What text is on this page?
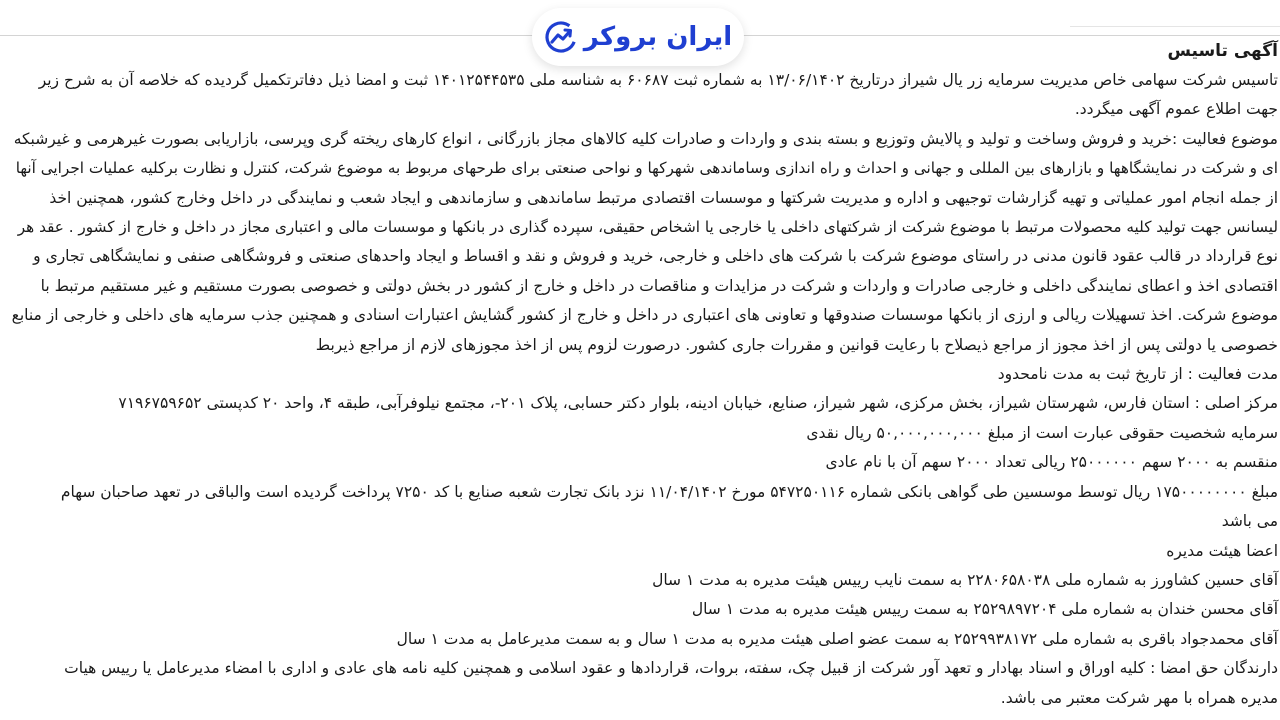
ایران بروکر	آگهی تاسیس

تاسیس شرکت سهامی خاص مدیریت سرمایه زر یال شیراز درتاریخ ۱۳/۰۶/۱۴۰۲ به شماره ثبت ۶۰۶۸۷ به شناسه ملی ۱۴۰۱۲۵۴۴۵۳۵ ثبت و امضا ذیل دفاترتکمیل گردیده که خلاصه آن به شرح زیر

جهت اطلاع عموم آگهی میگردد.

موضوع فعالیت :خرید و فروش وساخت و تولید و پالایش وتوزیع و بسته بندی و واردات و صادرات کلیه کالاهای مجاز بازرگانی ، انواع کارهای ریخته گری وپرسی، بازاریابی بصورت غیرهرمی و غیرشبکه

ای و شرکت در نمایشگاهها و بازارهای بین المللی و جهانی و احداث و راه اندازی وساماندهی شهرکها و نواحی صنعتی برای طرحهای مربوط به موضوع شرکت، کنترل و نظارت برکلیه عملیات اجرایی آنها

از جمله انجام امور عملیاتی و تهیه گزارشات توجیهی و اداره و مدیریت شرکتها و موسسات اقتصادی مرتبط ساماندهی و سازماندهی و ایجاد شعب و نمایندگی در داخل وخارج کشور، همچنین اخذ

لیسانس جهت تولید کلیه محصولات مرتبط با موضوع شرکت از شرکتهای داخلی یا خارجی یا اشخاص حقیقی، سپرده گذاری در بانکها و موسسات مالی و اعتباری مجاز در داخل و خارج از کشور . عقد هر

نوع قرارداد در قالب عقود قانون مدنی در راستای موضوع شرکت با شرکت های داخلی و خارجی، خرید و فروش و نقد و اقساط و ایجاد واحدهای صنعتی و فروشگاهی صنفی و نمایشگاهی تجاری و

اقتصادی اخذ و اعطای نمایندگی داخلی و خارجی صادرات و واردات و شرکت در مزایدات و مناقصات در داخل و خارج از کشور در بخش دولتی و خصوصی بصورت مستقیم و غیر مستقیم مرتبط با

موضوع شرکت. اخذ تسهیلات ریالی و ارزی از بانکها موسسات صندوقها و تعاونی های اعتباری در داخل و خارج از کشور گشایش اعتبارات اسنادی و همچنین جذب سرمایه های داخلی و خارجی از منابع

خصوصی یا دولتی پس از اخذ مجوز از مراجع ذیصلاح با رعایت قوانین و مقررات جاری کشور. درصورت لزوم پس از اخذ مجوزهای لازم از مراجع ذیربط

مدت فعالیت : از تاریخ ثبت به مدت نامحدود

مرکز اصلی : استان فارس، شهرستان شیراز، بخش مرکزی، شهر شیراز، صنایع، خیابان ادینه، بلوار دکتر حسابی، پلاک ۲۰۱-، مجتمع نیلوفرآبی، طبقه ۴، واحد ۲۰ کدپستی ۷۱۹۶۷۵۹۶۵۲

سرمایه شخصیت حقوقی عبارت است از مبلغ ۵۰,۰۰۰,۰۰۰,۰۰۰ ریال نقدی

منقسم به ۲۰۰۰ سهم ۲۵۰۰۰۰۰۰ ریالی تعداد ۲۰۰۰ سهم آن با نام عادی

مبلغ ۱۷۵۰۰۰۰۰۰۰۰ ریال توسط موسسین طی گواهی بانکی شماره ۵۴۷۲۵۰۱۱۶ مورخ ۱۱/۰۴/۱۴۰۲ نزد بانک تجارت شعبه صنایع با کد ۷۲۵۰ پرداخت گردیده است والباقی در تعهد صاحبان سهام

می باشد

اعضا هیئت مدیره

آقای حسین کشاورز به شماره ملی ۲۲۸۰۶۵۸۰۳۸ به سمت نایب رییس هیئت مدیره به مدت ۱ سال

آقای محسن خندان به شماره ملی ۲۵۲۹۸۹۷۲۰۴ به سمت رییس هیئت مدیره به مدت ۱ سال

آقای محمدجواد باقری به شماره ملی ۲۵۲۹۹۳۸۱۷۲ به سمت عضو اصلی هیئت مدیره به مدت ۱ سال و به سمت مدیرعامل به مدت ۱ سال

دارندگان حق امضا : کلیه اوراق و اسناد بهادار و تعهد آور شرکت از قبیل چک، سفته، بروات، قراردادها و عقود اسلامی و همچنین کلیه نامه های عادی و اداری با امضاء مدیرعامل یا رییس هیات

مدیره همراه با مهر شرکت معتبر می باشد.
